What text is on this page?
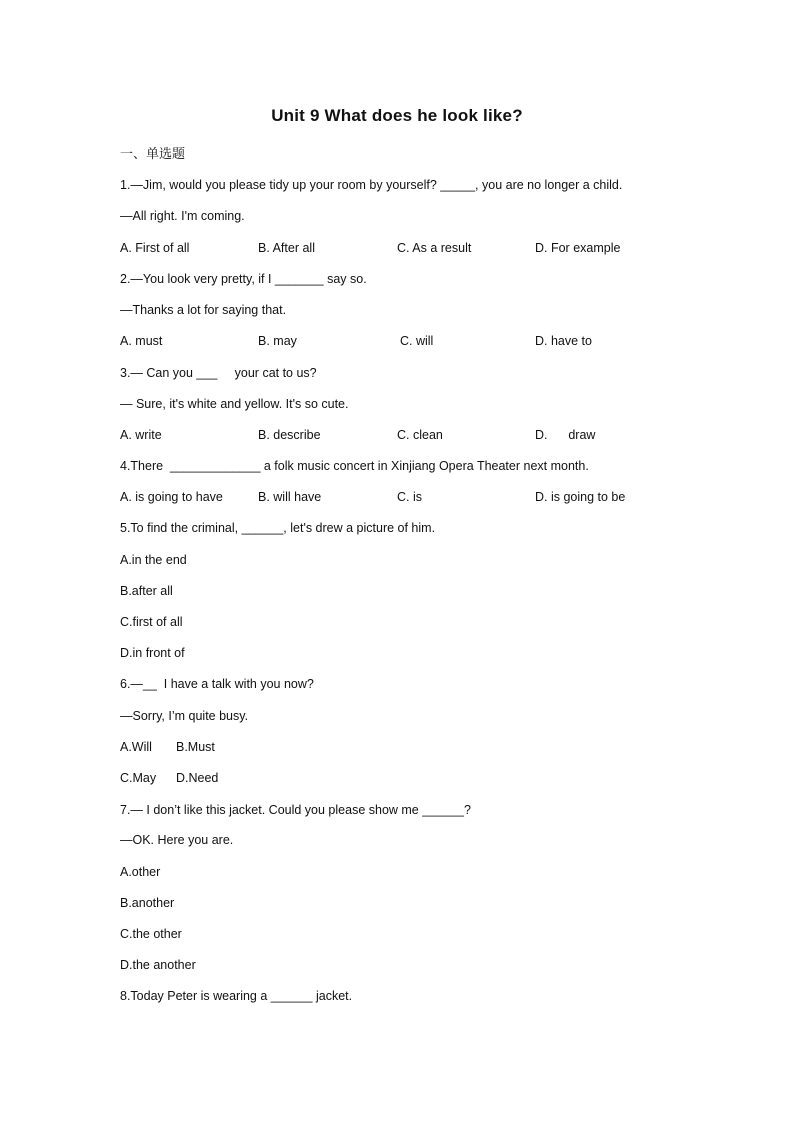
Unit 9 What does he look like?
一、单选题
1.—Jim, would you please tidy up your room by yourself? _____, you are no longer a child.
—All right. I'm coming.
A. First of all	B. After all	C. As a result	D. For example
2.—You look very pretty, if I _______ say so.
—Thanks a lot for saying that.
A. must	B. may	C. will	D. have to
3.— Can you ___     your cat to us?
— Sure, it's white and yellow. It's so cute.
A. write	B. describe	C. clean	D.      draw
4.There  _____________ a folk music concert in Xinjiang Opera Theater next month.
A. is going to have	B. will have	C. is	D. is going to be
5.To find the criminal, ______, let's drew a picture of him.
A.in the end
B.after all
C.first of all
D.in front of
6.—__  I have a talk with you now?
—Sorry, I’m quite busy.
A.Will B.Must
C.May D.Need
7.— I don’t like this jacket. Could you please show me ______?
—OK. Here you are.
A.other
B.another
C.the other
D.the another
8.Today Peter is wearing a ______ jacket.
